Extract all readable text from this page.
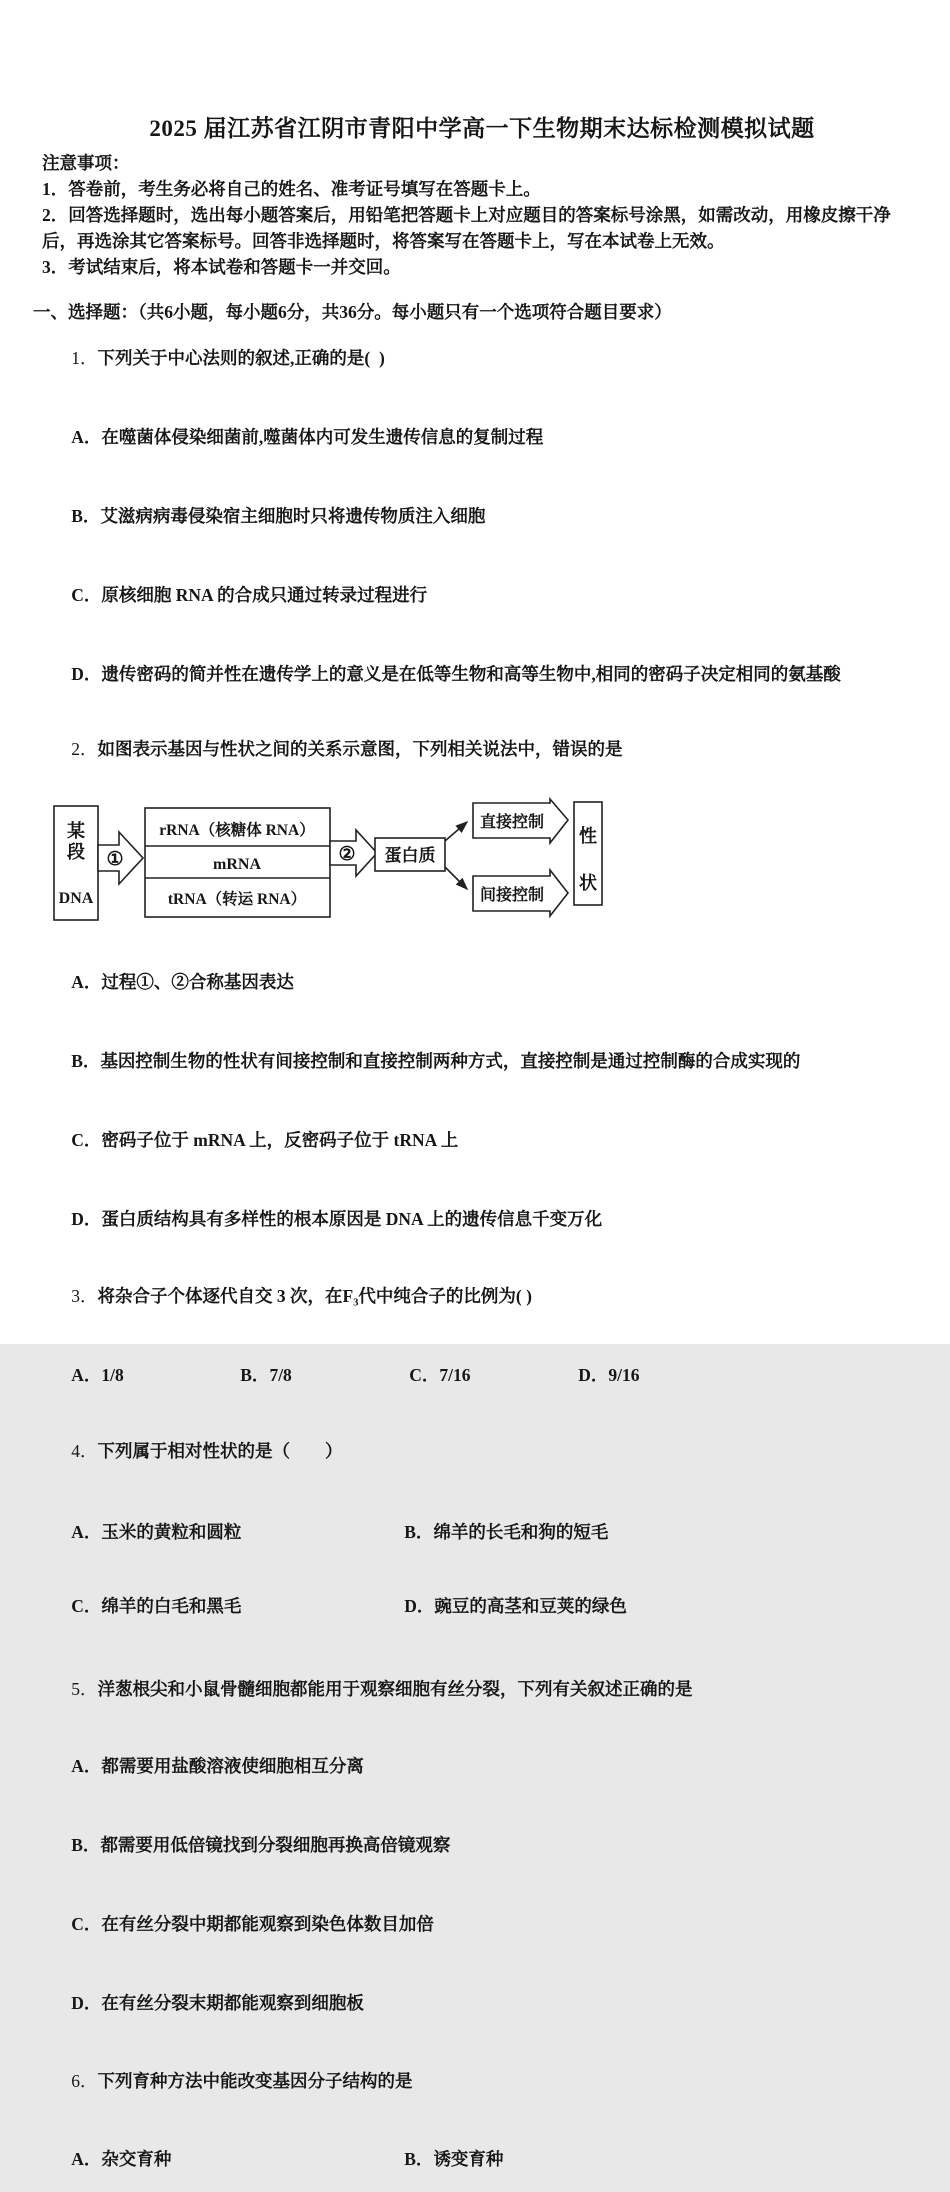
2025 届江苏省江阴市青阳中学高一下生物期末达标检测模拟试题
注意事项：
1．答卷前，考生务必将自己的姓名、准考证号填写在答题卡上。
2．回答选择题时，选出每小题答案后，用铅笔把答题卡上对应题目的答案标号涂黑，如需改动，用橡皮擦干净后，再选涂其它答案标号。回答非选择题时，将答案写在答题卡上，写在本试卷上无效。
3．考试结束后，将本试卷和答题卡一并交回。
一、选择题：（共6小题，每小题6分，共36分。每小题只有一个选项符合题目要求）

1．下列关于中心法则的叙述,正确的是(  )

A．在噬菌体侵染细菌前,噬菌体内可发生遗传信息的复制过程

B．艾滋病病毒侵染宿主细胞时只将遗传物质注入细胞

C．原核细胞 RNA 的合成只通过转录过程进行

D．遗传密码的简并性在遗传学上的意义是在低等生物和高等生物中,相同的密码子决定相同的氨基酸

2．如图表示基因与性状之间的关系示意图，下列相关说法中，错误的是

某
段
DNA
①
rRNA（核糖体 RNA）
mRNA
tRNA（转运 RNA）
② 蛋白质
直接控制
间接控制
性
状

A．过程①、②合称基因表达

B．基因控制生物的性状有间接控制和直接控制两种方式，直接控制是通过控制酶的合成实现的

C．密码子位于 mRNA 上，反密码子位于 tRNA 上

D．蛋白质结构具有多样性的根本原因是 DNA 上的遗传信息千变万化

3．将杂合子个体逐代自交 3 次，在F₃代中纯合子的比例为( )

A．1/8	B．7/8	C．7/16	D．9/16

4．下列属于相对性状的是（　　）

A．玉米的黄粒和圆粒	B．绵羊的长毛和狗的短毛

C．绵羊的白毛和黑毛	D．豌豆的高茎和豆荚的绿色

5．洋葱根尖和小鼠骨髓细胞都能用于观察细胞有丝分裂，下列有关叙述正确的是

A．都需要用盐酸溶液使细胞相互分离

B．都需要用低倍镜找到分裂细胞再换高倍镜观察

C．在有丝分裂中期都能观察到染色体数目加倍

D．在有丝分裂末期都能观察到细胞板

6．下列育种方法中能改变基因分子结构的是

A．杂交育种	B．诱变育种
